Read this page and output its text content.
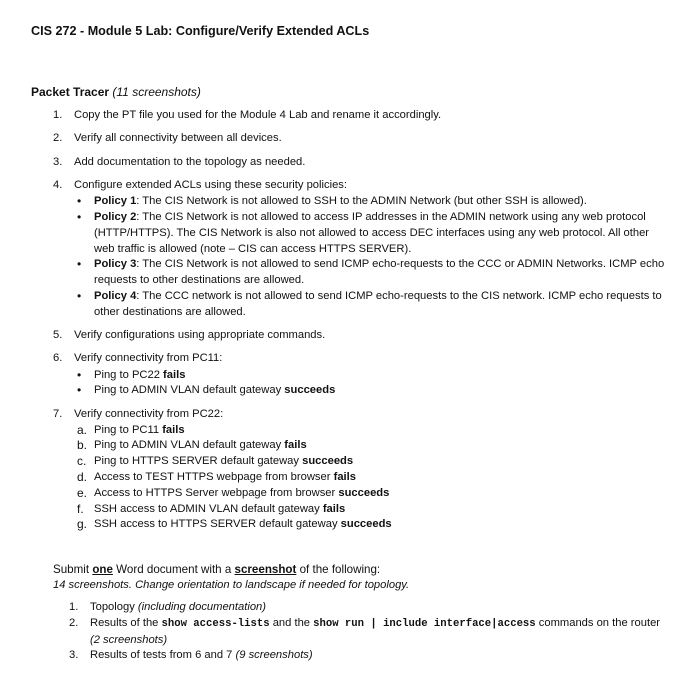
CIS 272 - Module 5 Lab: Configure/Verify Extended ACLs
Packet Tracer (11 screenshots)
1. Copy the PT file you used for the Module 4 Lab and rename it accordingly.
2. Verify all connectivity between all devices.
3. Add documentation to the topology as needed.
4. Configure extended ACLs using these security policies:
• Policy 1: The CIS Network is not allowed to SSH to the ADMIN Network (but other SSH is allowed).
• Policy 2: The CIS Network is not allowed to access IP addresses in the ADMIN network using any web protocol (HTTP/HTTPS). The CIS Network is also not allowed to access DEC interfaces using any web protocol. All other web traffic is allowed (note – CIS can access HTTPS SERVER).
• Policy 3: The CIS Network is not allowed to send ICMP echo-requests to the CCC or ADMIN Networks. ICMP echo requests to other destinations are allowed.
• Policy 4: The CCC network is not allowed to send ICMP echo-requests to the CIS network. ICMP echo requests to other destinations are allowed.
5. Verify configurations using appropriate commands.
6. Verify connectivity from PC11:
• Ping to PC22 fails
• Ping to ADMIN VLAN default gateway succeeds
7. Verify connectivity from PC22:
a. Ping to PC11 fails
b. Ping to ADMIN VLAN default gateway fails
c. Ping to HTTPS SERVER default gateway succeeds
d. Access to TEST HTTPS webpage from browser fails
e. Access to HTTPS Server webpage from browser succeeds
f. SSH access to ADMIN VLAN default gateway fails
g. SSH access to HTTPS SERVER default gateway succeeds
Submit one Word document with a screenshot of the following:
14 screenshots. Change orientation to landscape if needed for topology.
1. Topology (including documentation)
2. Results of the show access-lists and the show run | include interface|access commands on the router (2 screenshots)
3. Results of tests from 6 and 7 (9 screenshots)
